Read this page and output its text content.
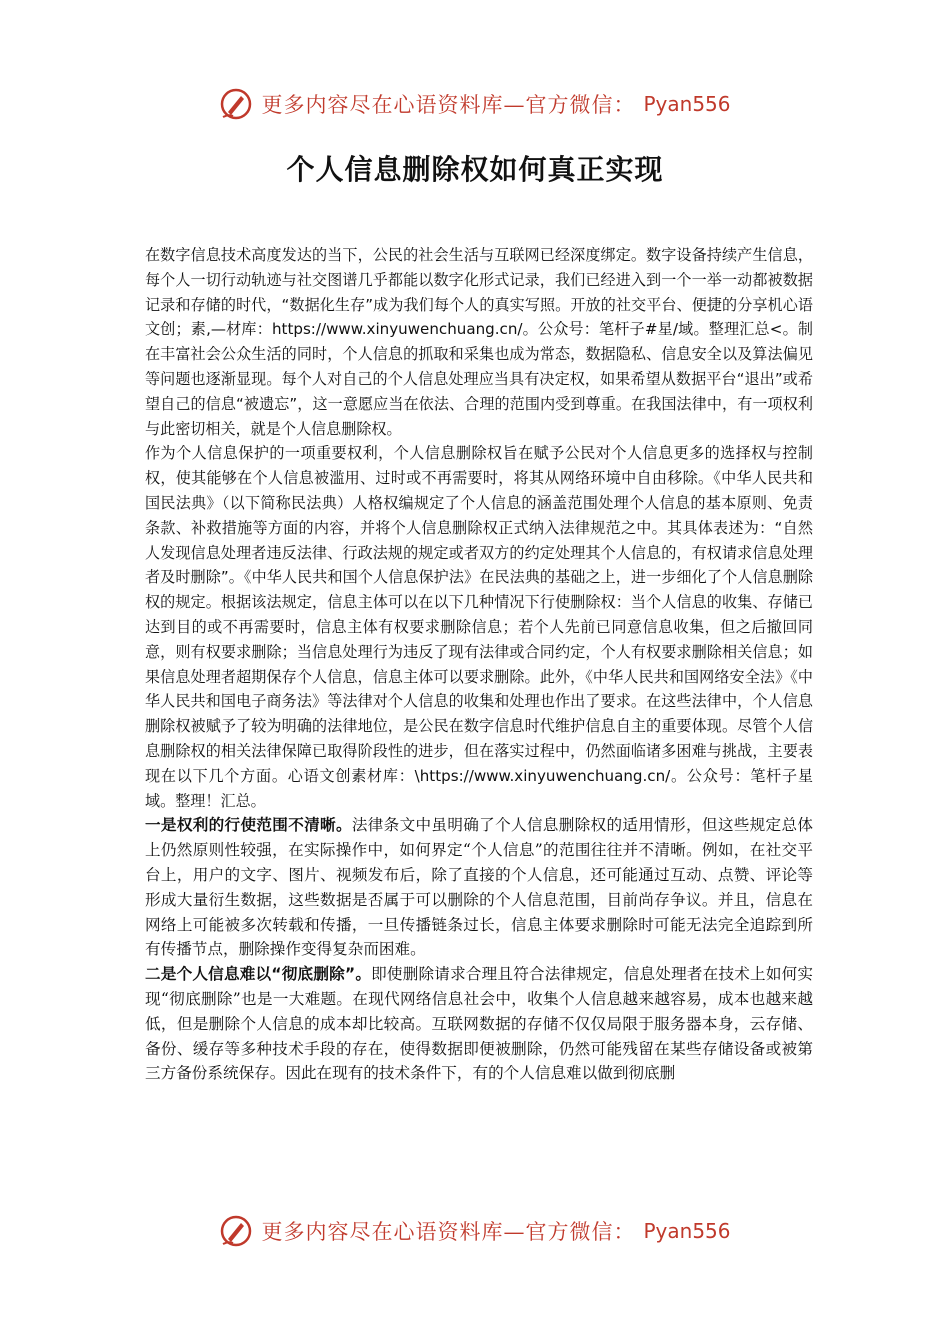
更多内容尽在心语资料库—官方微信： Pyan556
个人信息删除权如何真正实现

在数字信息技术高度发达的当下，公民的社会生活与互联网已经深度绑定。数字设备持续产生信息，每个人一切行动轨迹与社交图谱几乎都能以数字化形式记录，我们已经进入到一个一举一动都被数据记录和存储的时代，“数据化生存”成为我们每个人的真实写照。开放的社交平台、便捷的分享机心语文创；素,—材库：https://www.xinyuwenchuang.cn/。公众号：笔杆子#星/域。整理汇总<。制在丰富社会公众生活的同时，个人信息的抓取和采集也成为常态，数据隐私、信息安全以及算法偏见等问题也逐渐显现。每个人对自己的个人信息处理应当具有决定权，如果希望从数据平台“退出”或希望自己的信息“被遗忘”，这一意愿应当在依法、合理的范围内受到尊重。在我国法律中，有一项权利与此密切相关，就是个人信息删除权。

作为个人信息保护的一项重要权利，个人信息删除权旨在赋予公民对个人信息更多的选择权与控制权，使其能够在个人信息被滥用、过时或不再需要时，将其从网络环境中自由移除。《中华人民共和国民法典》（以下简称民法典）人格权编规定了个人信息的涵盖范围处理个人信息的基本原则、免责条款、补救措施等方面的内容，并将个人信息删除权正式纳入法律规范之中。其具体表述为：“自然人发现信息处理者违反法律、行政法规的规定或者双方的约定处理其个人信息的，有权请求信息处理者及时删除”。《中华人民共和国个人信息保护法》在民法典的基础之上，进一步细化了个人信息删除权的规定。根据该法规定，信息主体可以在以下几种情况下行使删除权：当个人信息的收集、存储已达到目的或不再需要时，信息主体有权要求删除信息；若个人先前已同意信息收集，但之后撤回同意，则有权要求删除；当信息处理行为违反了现有法律或合同约定，个人有权要求删除相关信息；如果信息处理者超期保存个人信息，信息主体可以要求删除。此外，《中华人民共和国网络安全法》《中华人民共和国电子商务法》等法律对个人信息的收集和处理也作出了要求。在这些法律中，个人信息删除权被赋予了较为明确的法律地位，是公民在数字信息时代维护信息自主的重要体现。尽管个人信息删除权的相关法律保障已取得阶段性的进步，但在落实过程中，仍然面临诸多困难与挑战，主要表现在以下几个方面。心语文创素材库：\https://www.xinyuwenchuang.cn/。公众号：笔杆子星域。整理！汇总。

一是权利的行使范围不清晰。法律条文中虽明确了个人信息删除权的适用情形，但这些规定总体上仍然原则性较强，在实际操作中，如何界定“个人信息”的范围往往并不清晰。例如，在社交平台上，用户的文字、图片、视频发布后，除了直接的个人信息，还可能通过互动、点赞、评论等形成大量衍生数据，这些数据是否属于可以删除的个人信息范围，目前尚存争议。并且，信息在网络上可能被多次转载和传播，一旦传播链条过长，信息主体要求删除时可能无法完全追踪到所有传播节点，删除操作变得复杂而困难。

二是个人信息难以“彻底删除”。即使删除请求合理且符合法律规定，信息处理者在技术上如何实现“彻底删除”也是一大难题。在现代网络信息社会中，收集个人信息越来越容易，成本也越来越低，但是删除个人信息的成本却比较高。互联网数据的存储不仅仅局限于服务器本身，云存储、备份、缓存等多种技术手段的存在，使得数据即便被删除，仍然可能残留在某些存储设备或被第三方备份系统保存。因此在现有的技术条件下，有的个人信息难以做到彻底删

更多内容尽在心语资料库—官方微信： Pyan556
